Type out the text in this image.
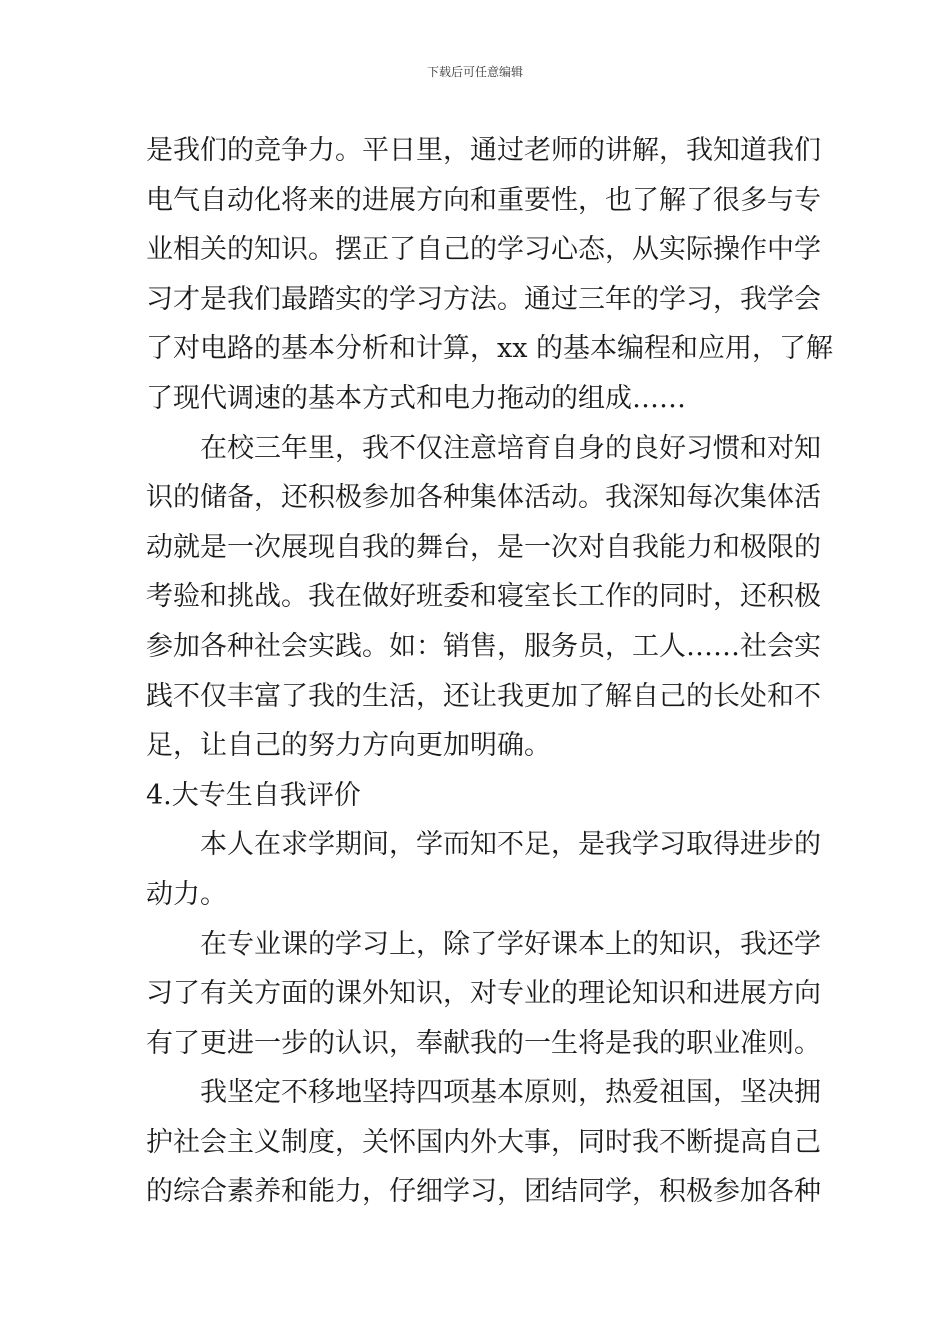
下载后可任意编辑
是我们的竞争力。平日里，通过老师的讲解，我知道我们
电气自动化将来的进展方向和重要性，也了解了很多与专
业相关的知识。摆正了自己的学习心态，从实际操作中学
习才是我们最踏实的学习方法。通过三年的学习，我学会
了对电路的基本分析和计算，xx 的基本编程和应用，了解
了现代调速的基本方式和电力拖动的组成……
在校三年里，我不仅注意培育自身的良好习惯和对知
识的储备，还积极参加各种集体活动。我深知每次集体活
动就是一次展现自我的舞台，是一次对自我能力和极限的
考验和挑战。我在做好班委和寝室长工作的同时，还积极
参加各种社会实践。如：销售，服务员，工人……社会实
践不仅丰富了我的生活，还让我更加了解自己的长处和不
足，让自己的努力方向更加明确。
4.大专生自我评价
本人在求学期间，学而知不足，是我学习取得进步的
动力。
在专业课的学习上，除了学好课本上的知识，我还学
习了有关方面的课外知识，对专业的理论知识和进展方向
有了更进一步的认识，奉献我的一生将是我的职业准则。
我坚定不移地坚持四项基本原则，热爱祖国，坚决拥
护社会主义制度，关怀国内外大事，同时我不断提高自己
的综合素养和能力，仔细学习，团结同学，积极参加各种
